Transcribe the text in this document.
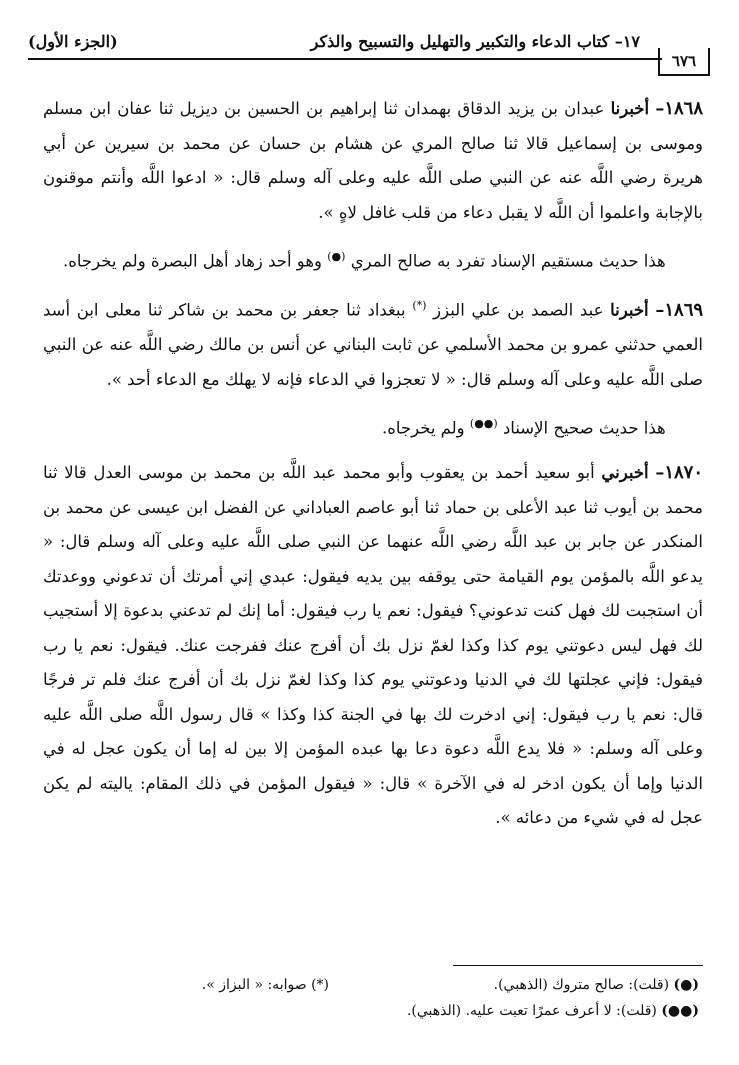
٦٧٦
١٧– كتاب الدعاء والتكبير والتهليل والتسبيح والذكر
(الجزء الأول)

١٨٦٨– أخبرنا عبدان بن يزيد الدقاق بهمدان ثنا إبراهيم بن الحسين بن ديزيل ثنا عفان ابن مسلم وموسى بن إسماعيل قالا ثنا صالح المري عن هشام بن حسان عن محمد بن سيرين عن أبي هريرة رضي اللَّه عنه عن النبي صلى اللَّه عليه وعلى آله وسلم قال: « ادعوا اللَّه وأنتم موقنون بالإجابة واعلموا أن اللَّه لا يقبل دعاء من قلب غافل لاهٍ ».

هذا حديث مستقيم الإسناد تفرد به صالح المري (●) وهو أحد زهاد أهل البصرة ولم يخرجاه.

١٨٦٩– أخبرنا عبد الصمد بن علي البزز (*) ببغداد ثنا جعفر بن محمد بن شاكر ثنا معلى ابن أسد العمي حدثني عمرو بن محمد الأسلمي عن ثابت البناني عن أنس بن مالك رضي اللَّه عنه عن النبي صلى اللَّه عليه وعلى آله وسلم قال: « لا تعجزوا في الدعاء فإنه لا يهلك مع الدعاء أحد ».

هذا حديث صحيح الإسناد (●●) ولم يخرجاه.

١٨٧٠– أخبرني أبو سعيد أحمد بن يعقوب وأبو محمد عبد اللَّه بن محمد بن موسى العدل قالا ثنا محمد بن أيوب ثنا عبد الأعلى بن حماد ثنا أبو عاصم العباداني عن الفضل ابن عيسى عن محمد بن المنكدر عن جابر بن عبد اللَّه رضي اللَّه عنهما عن النبي صلى اللَّه عليه وعلى آله وسلم قال: « يدعو اللَّه بالمؤمن يوم القيامة حتى يوقفه بين يديه فيقول: عبدي إني أمرتك أن تدعوني ووعدتك أن استجبت لك فهل كنت تدعوني؟ فيقول: نعم يا رب فيقول: أما إنك لم تدعني بدعوة إلا أستجيب لك فهل ليس دعوتني يوم كذا وكذا لغمّ نزل بك أن أفرج عنك ففرجت عنك. فيقول: نعم يا رب فيقول: فإني عجلتها لك في الدنيا ودعوتني يوم كذا وكذا لغمّ نزل بك أن أفرج عنك فلم تر فرجًا قال: نعم يا رب فيقول: إني ادخرت لك بها في الجنة كذا وكذا » قال رسول اللَّه صلى اللَّه عليه وعلى آله وسلم: « فلا يدع اللَّه دعوة دعا بها عبده المؤمن إلا بين له إما أن يكون عجل له في الدنيا وإما أن يكون ادخر له في الآخرة » قال: « فيقول المؤمن في ذلك المقام: ياليته لم يكن عجل له في شيء من دعائه ».

(●) (قلت): صالح متروك (الذهبي).
(*) صوابه: « البزاز ».
(●●) (قلت): لا أعرف عمرًا تعبت عليه. (الذهبي).
